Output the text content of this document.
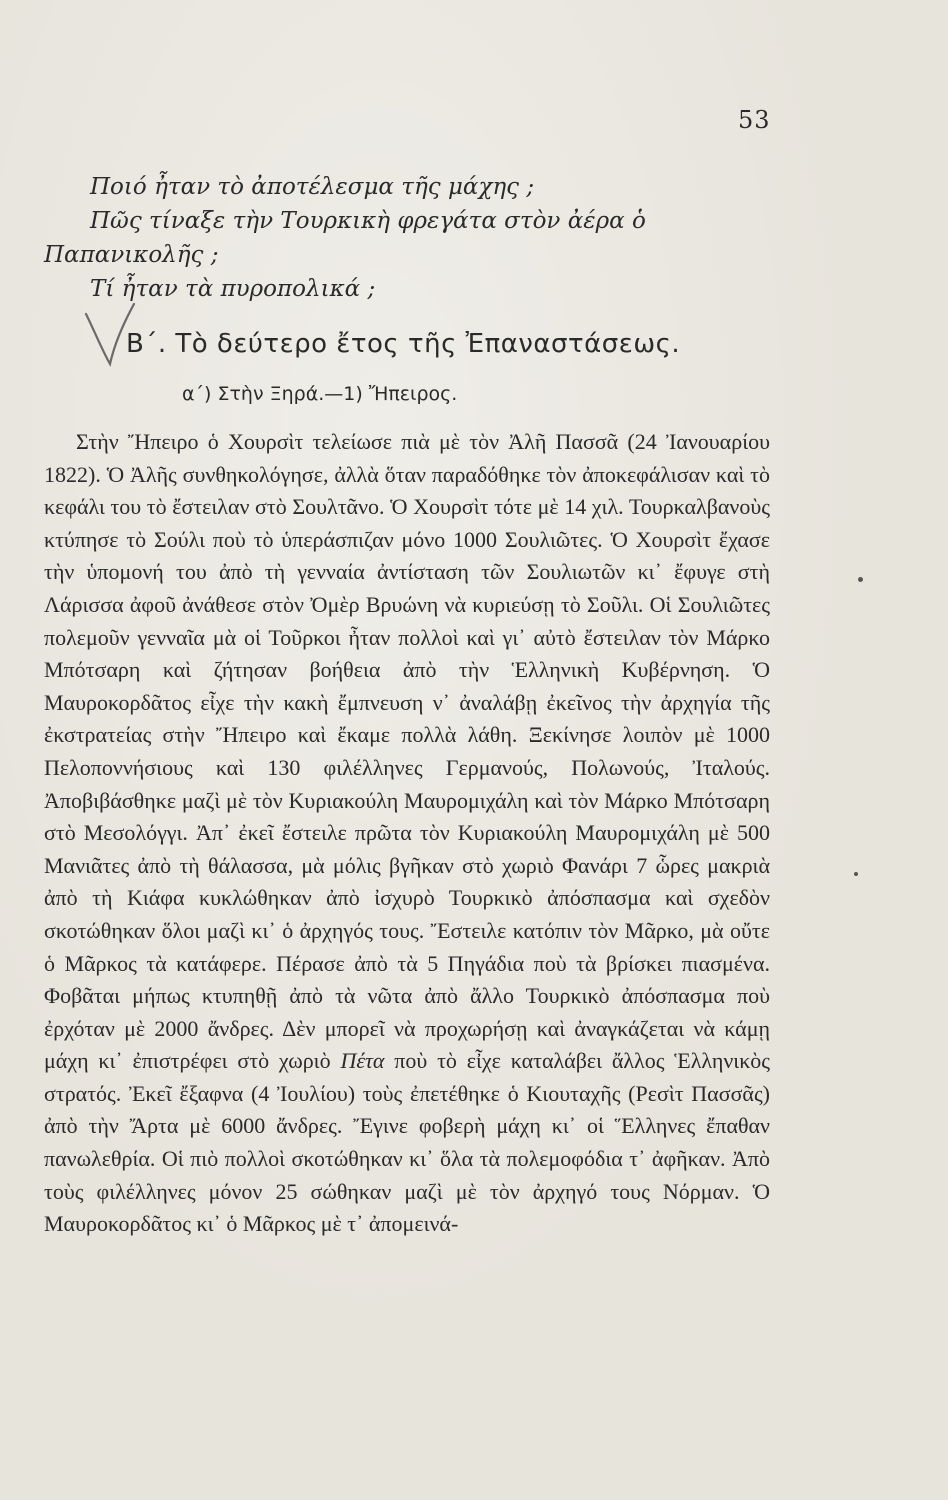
53

Ποιό ἦταν τὸ ἀποτέλεσμα τῆς μάχης ;

Πῶς τίναξε τὴν Τουρκικὴ φρεγάτα στὸν ἀέρα ὁ Παπανικολῆς ;

Τί ἦταν τὰ πυροπολικά ;

Β΄. Τὸ δεύτερο ἔτος τῆς Ἐπαναστάσεως.
α΄) Στὴν Ξηρά.—1) Ἤπειρος.

Στὴν Ἤπειρο ὁ Χουρσὶτ τελείωσε πιὰ μὲ τὸν Ἀλῆ Πασσᾶ (24 Ἰανουαρίου 1822). Ὁ Ἀλῆς συνθηκολόγησε, ἀλλὰ ὅταν παραδόθηκε τὸν ἀποκεφάλισαν καὶ τὸ κεφάλι του τὸ ἔστειλαν στὸ Σουλτᾶνο. Ὁ Χουρσὶτ τότε μὲ 14 χιλ. Τουρκαλβανοὺς κτύπησε τὸ Σούλι ποὺ τὸ ὑπεράσπιζαν μόνο 1000 Σουλιῶτες. Ὁ Χουρσὶτ ἔχασε τὴν ὑπομονή του ἀπὸ τὴ γενναία ἀντίσταση τῶν Σουλιωτῶν κι᾿ ἔφυγε στὴ Λάρισσα ἀφοῦ ἀνάθεσε στὸν Ὀμὲρ Βρυώνη νὰ κυριεύσῃ τὸ Σοῦλι. Οἱ Σουλιῶτες πολεμοῦν γενναῖα μὰ οἱ Τοῦρκοι ἦταν πολλοὶ καὶ γι᾿ αὐτὸ ἔστειλαν τὸν Μάρκο Μπότσαρη καὶ ζήτησαν βοήθεια ἀπὸ τὴν Ἑλληνικὴ Κυβέρνηση. Ὁ Μαυροκορδᾶτος εἶχε τὴν κακὴ ἔμπνευση ν᾿ ἀναλάβῃ ἐκεῖνος τὴν ἀρχηγία τῆς ἐκστρατείας στὴν Ἤπειρο καὶ ἔκαμε πολλὰ λάθη. Ξεκίνησε λοιπὸν μὲ 1000 Πελοποννήσιους καὶ 130 φιλέλληνες Γερμανούς, Πολωνούς, Ἰταλούς. Ἀποβιβάσθηκε μαζὶ μὲ τὸν Κυριακούλη Μαυρομιχάλη καὶ τὸν Μάρκο Μπότσαρη στὸ Μεσολόγγι. Ἀπ᾿ ἐκεῖ ἔστειλε πρῶτα τὸν Κυριακούλη Μαυρομιχάλη μὲ 500 Μανιᾶτες ἀπὸ τὴ θάλασσα, μὰ μόλις βγῆκαν στὸ χωριὸ Φανάρι 7 ὧρες μακριὰ ἀπὸ τὴ Κιάφα κυκλώθηκαν ἀπὸ ἰσχυρὸ Τουρκικὸ ἀπόσπασμα καὶ σχεδὸν σκοτώθηκαν ὅλοι μαζὶ κι᾿ ὁ ἀρχηγός τους. Ἔστειλε κατόπιν τὸν Μᾶρκο, μὰ οὔτε ὁ Μᾶρκος τὰ κατάφερε. Πέρασε ἀπὸ τὰ 5 Πηγάδια ποὺ τὰ βρίσκει πιασμένα. Φοβᾶται μήπως κτυπηθῇ ἀπὸ τὰ νῶτα ἀπὸ ἄλλο Τουρκικὸ ἀπόσπασμα ποὺ ἐρχόταν μὲ 2000 ἄνδρες. Δὲν μπορεῖ νὰ προχωρήσῃ καὶ ἀναγκάζεται νὰ κάμῃ μάχη κι᾿ ἐπιστρέφει στὸ χωριὸ Πέτα ποὺ τὸ εἶχε καταλάβει ἄλλος Ἑλληνικὸς στρατός. Ἐκεῖ ἔξαφνα (4 Ἰουλίου) τοὺς ἐπετέθηκε ὁ Κιουταχῆς (Ρεσὶτ Πασσᾶς) ἀπὸ τὴν Ἄρτα μὲ 6000 ἄνδρες. Ἔγινε φοβερὴ μάχη κι᾿ οἱ Ἕλληνες ἔπαθαν πανωλεθρία. Οἱ πιὸ πολλοὶ σκοτώθηκαν κι᾿ ὅλα τὰ πολεμοφόδια τ᾿ ἀφῆκαν. Ἀπὸ τοὺς φιλέλληνες μόνον 25 σώθηκαν μαζὶ μὲ τὸν ἀρχηγό τους Νόρμαν. Ὁ Μαυροκορδᾶτος κι᾿ ὁ Μᾶρκος μὲ τ᾿ ἀπομεινά-
